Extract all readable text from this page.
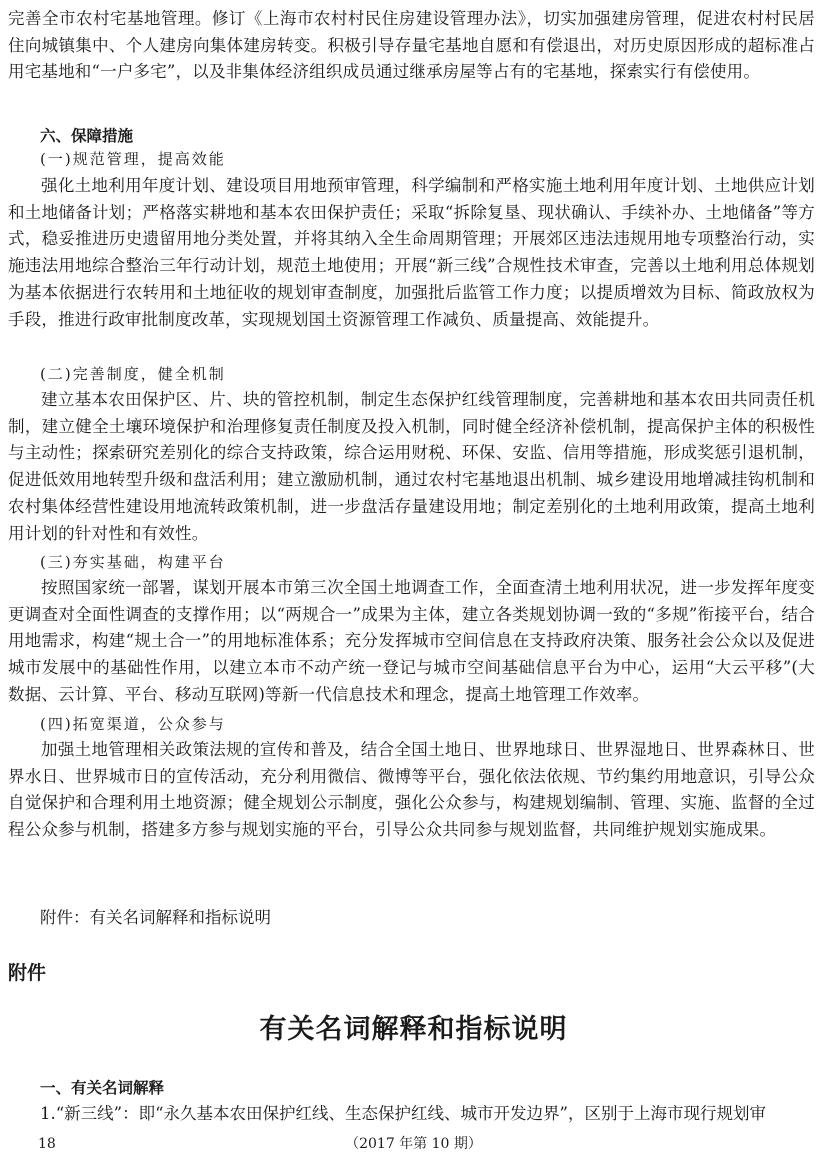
完善全市农村宅基地管理。修订《上海市农村村民住房建设管理办法》，切实加强建房管理，促进农村村民居住向城镇集中、个人建房向集体建房转变。积极引导存量宅基地自愿和有偿退出，对历史原因形成的超标准占用宅基地和“一户多宅”，以及非集体经济组织成员通过继承房屋等占有的宅基地，探索实行有偿使用。

六、保障措施
(一)规范管理，提高效能

强化土地利用年度计划、建设项目用地预审管理，科学编制和严格实施土地利用年度计划、土地供应计划和土地储备计划；严格落实耕地和基本农田保护责任；采取“拆除复垦、现状确认、手续补办、土地储备”等方式，稳妥推进历史遗留用地分类处置，并将其纳入全生命周期管理；开展郊区违法违规用地专项整治行动，实施违法用地综合整治三年行动计划，规范土地使用；开展“新三线”合规性技术审查，完善以土地利用总体规划为基本依据进行农转用和土地征收的规划审查制度，加强批后监管工作力度；以提质增效为目标、简政放权为手段，推进行政审批制度改革，实现规划国土资源管理工作减负、质量提高、效能提升。

(二)完善制度，健全机制

建立基本农田保护区、片、块的管控机制，制定生态保护红线管理制度，完善耕地和基本农田共同责任机制，建立健全土壤环境保护和治理修复责任制度及投入机制，同时健全经济补偿机制，提高保护主体的积极性与主动性；探索研究差别化的综合支持政策，综合运用财税、环保、安监、信用等措施，形成奖惩引退机制，促进低效用地转型升级和盘活利用；建立激励机制，通过农村宅基地退出机制、城乡建设用地增减挂钩机制和农村集体经营性建设用地流转政策机制，进一步盘活存量建设用地；制定差别化的土地利用政策，提高土地利用计划的针对性和有效性。

(三)夯实基础，构建平台

按照国家统一部署，谋划开展本市第三次全国土地调查工作，全面查清土地利用状况，进一步发挥年度变更调查对全面性调查的支撑作用；以“两规合一”成果为主体，建立各类规划协调一致的“多规”衔接平台，结合用地需求，构建“规土合一”的用地标准体系；充分发挥城市空间信息在支持政府决策、服务社会公众以及促进城市发展中的基础性作用，以建立本市不动产统一登记与城市空间基础信息平台为中心，运用“大云平移”(大数据、云计算、平台、移动互联网)等新一代信息技术和理念，提高土地管理工作效率。

(四)拓宽渠道，公众参与

加强土地管理相关政策法规的宣传和普及，结合全国土地日、世界地球日、世界湿地日、世界森林日、世界水日、世界城市日的宣传活动，充分利用微信、微博等平台，强化依法依规、节约集约用地意识，引导公众自觉保护和合理利用土地资源；健全规划公示制度，强化公众参与，构建规划编制、管理、实施、监督的全过程公众参与机制，搭建多方参与规划实施的平台，引导公众共同参与规划监督，共同维护规划实施成果。

附件：有关名词解释和指标说明
附件
有关名词解释和指标说明
一、有关名词解释
1.“新三线”：即“永久基本农田保护红线、生态保护红线、城市开发边界”，区别于上海市现行规划审
18	（2017 年第 10 期）
